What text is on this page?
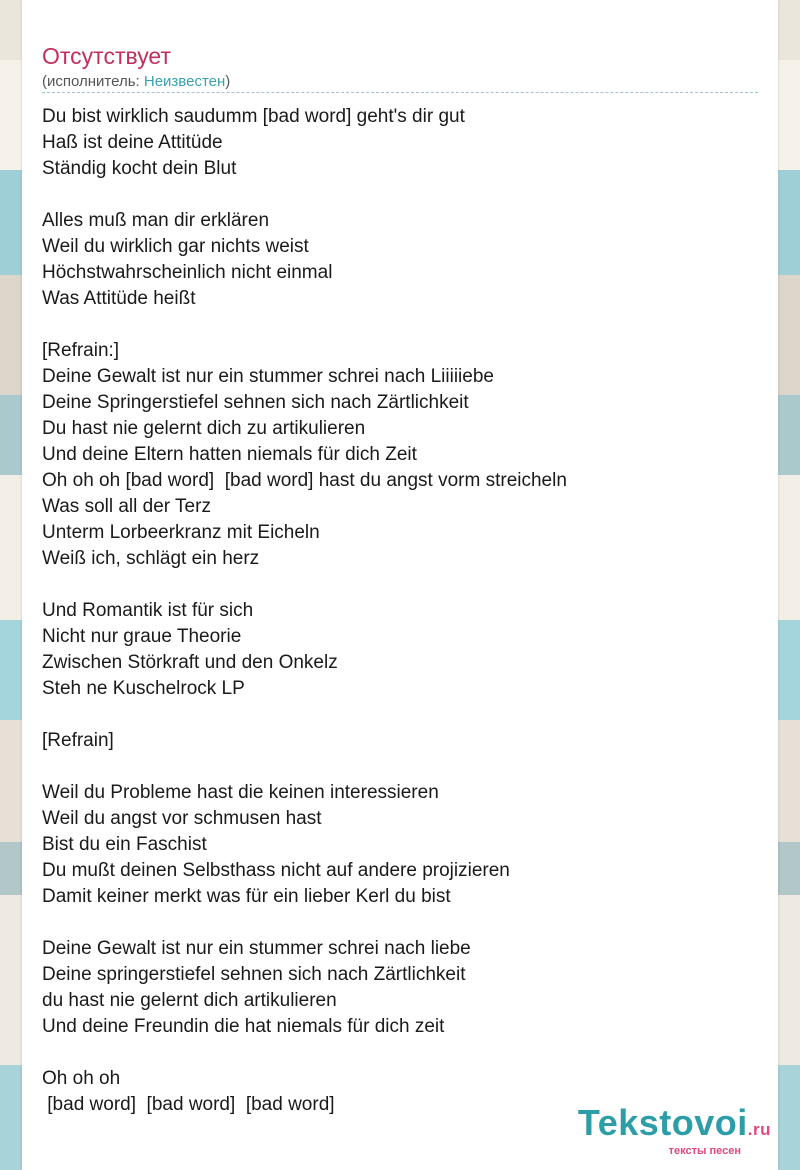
Отсутствует
(исполнитель: Неизвестен)
Du bist wirklich saudumm [bad word] geht's dir gut
Haß ist deine Attitüde
Ständig kocht dein Blut
Alles muß man dir erklären
Weil du wirklich gar nichts weist
Höchstwahrscheinlich nicht einmal
Was Attitüde heißt
[Refrain:]
Deine Gewalt ist nur ein stummer schrei nach Liiiiiebe
Deine Springerstiefel sehnen sich nach Zärtlichkeit
Du hast nie gelernt dich zu artikulieren
Und deine Eltern hatten niemals für dich Zeit
Oh oh oh [bad word]  [bad word] hast du angst vorm streicheln
Was soll all der Terz
Unterm Lorbeerkranz mit Eicheln
Weiß ich, schlägt ein herz
Und Romantik ist für sich
Nicht nur graue Theorie
Zwischen Störkraft und den Onkelz
Steh ne Kuschelrock LP
[Refrain]
Weil du Probleme hast die keinen interessieren
Weil du angst vor schmusen hast
Bist du ein Faschist
Du mußt deinen Selbsthass nicht auf andere projizieren
Damit keiner merkt was für ein lieber Kerl du bist
Deine Gewalt ist nur ein stummer schrei nach liebe
Deine springerstiefel sehnen sich nach Zärtlichkeit
du hast nie gelernt dich artikulieren
Und deine Freundin die hat niemals für dich zeit
Oh oh oh
[bad word]  [bad word]  [bad word]	Tekstovoi.ru
тексты песен
